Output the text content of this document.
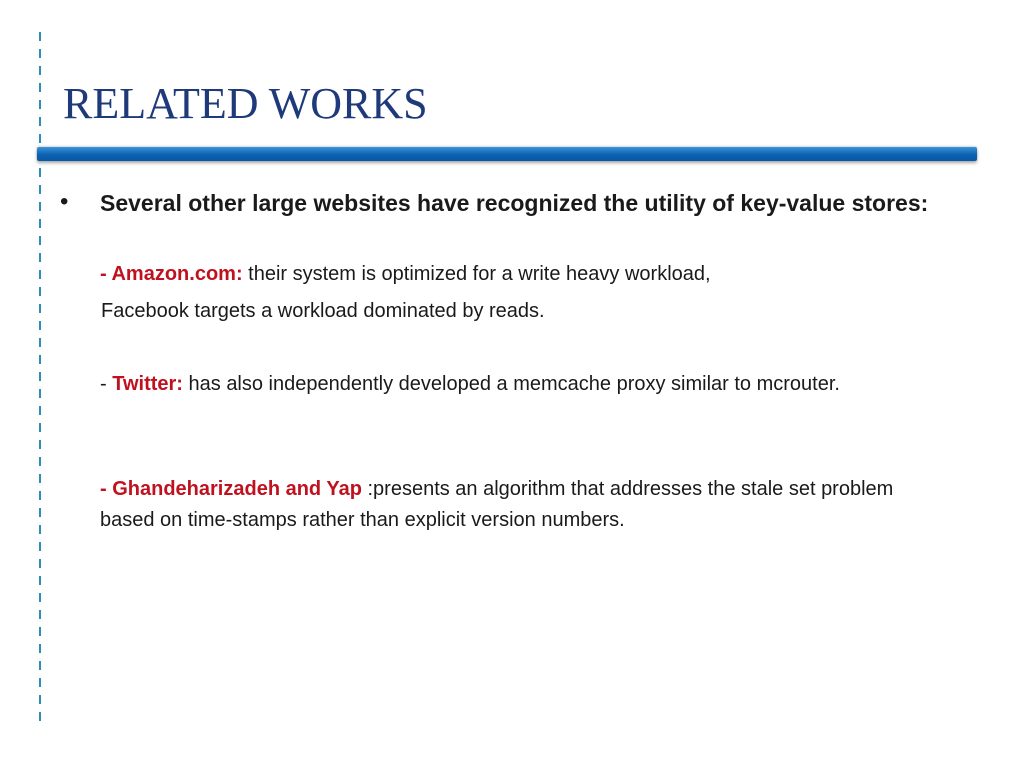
RELATED WORKS
• Several other large websites have recognized the utility of key-value stores:

- Amazon.com: their system is optimized for a write heavy workload,

Facebook targets a workload dominated by reads.

- Twitter: has also independently developed a memcache proxy similar to mcrouter.

- Ghandeharizadeh and Yap :presents an algorithm that addresses the stale set problem based on time-stamps rather than explicit version numbers.
